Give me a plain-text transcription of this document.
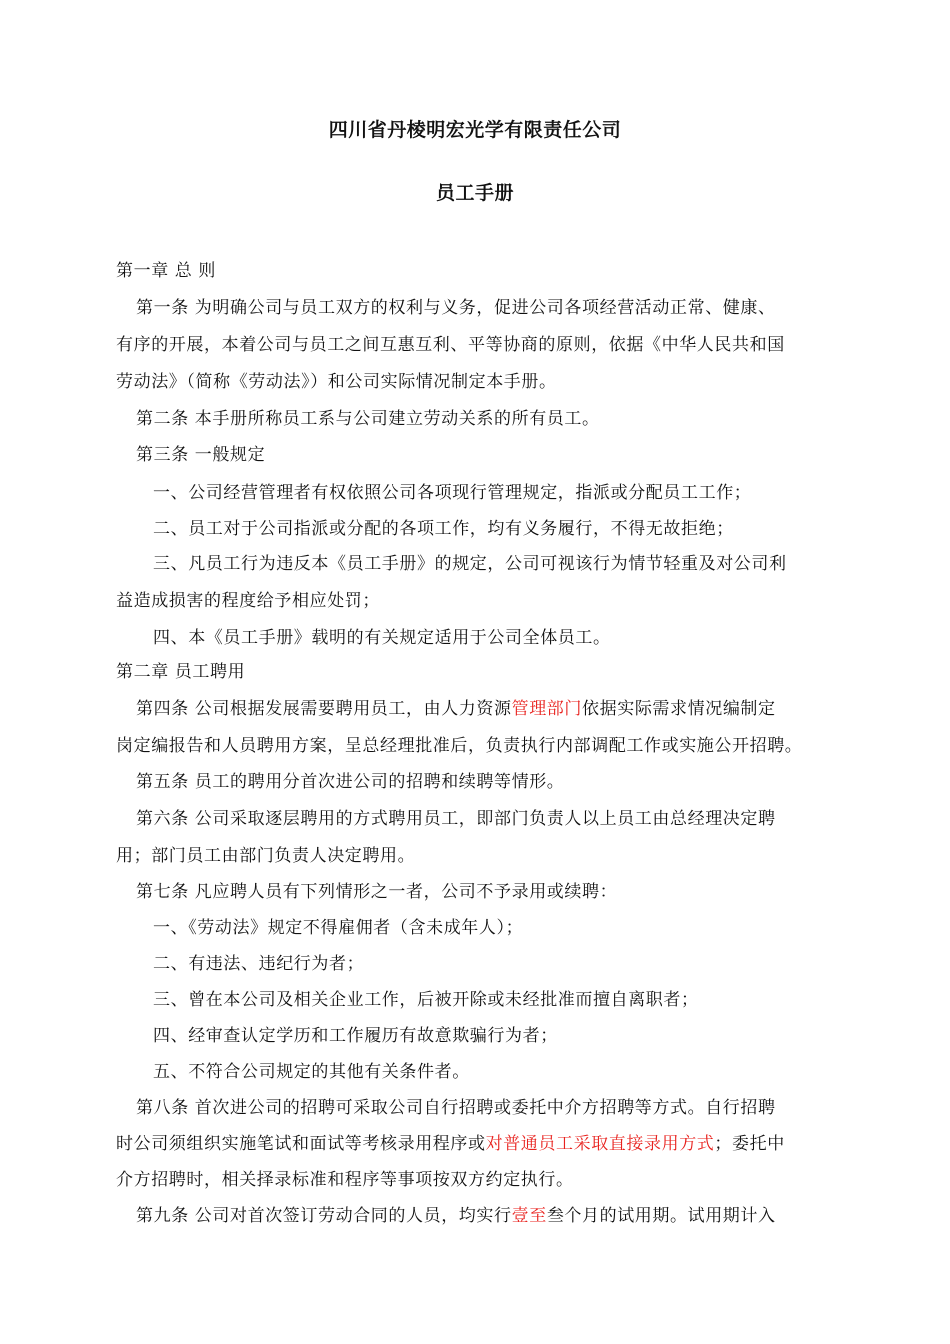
四川省丹棱明宏光学有限责任公司
员工手册
第一章 总 则
第一条 为明确公司与员工双方的权利与义务，促进公司各项经营活动正常、健康、
有序的开展，本着公司与员工之间互惠互利、平等协商的原则，依据《中华人民共和国
劳动法》（简称《劳动法》）和公司实际情况制定本手册。
第二条 本手册所称员工系与公司建立劳动关系的所有员工。
第三条 一般规定
一、公司经营管理者有权依照公司各项现行管理规定，指派或分配员工工作；
二、员工对于公司指派或分配的各项工作，均有义务履行，不得无故拒绝；
三、凡员工行为违反本《员工手册》的规定，公司可视该行为情节轻重及对公司利
益造成损害的程度给予相应处罚；
四、本《员工手册》载明的有关规定适用于公司全体员工。
第二章 员工聘用
第四条 公司根据发展需要聘用员工，由人力资源管理部门依据实际需求情况编制定
岗定编报告和人员聘用方案，呈总经理批准后，负责执行内部调配工作或实施公开招聘。
第五条 员工的聘用分首次进公司的招聘和续聘等情形。
第六条 公司采取逐层聘用的方式聘用员工，即部门负责人以上员工由总经理决定聘
用；部门员工由部门负责人决定聘用。
第七条 凡应聘人员有下列情形之一者，公司不予录用或续聘：
一、《劳动法》规定不得雇佣者（含未成年人）；
二、有违法、违纪行为者；
三、曾在本公司及相关企业工作，后被开除或未经批准而擅自离职者；
四、经审查认定学历和工作履历有故意欺骗行为者；
五、不符合公司规定的其他有关条件者。
第八条 首次进公司的招聘可采取公司自行招聘或委托中介方招聘等方式。自行招聘
时公司须组织实施笔试和面试等考核录用程序或对普通员工采取直接录用方式；委托中
介方招聘时，相关择录标准和程序等事项按双方约定执行。
第九条 公司对首次签订劳动合同的人员，均实行壹至叁个月的试用期。试用期计入
